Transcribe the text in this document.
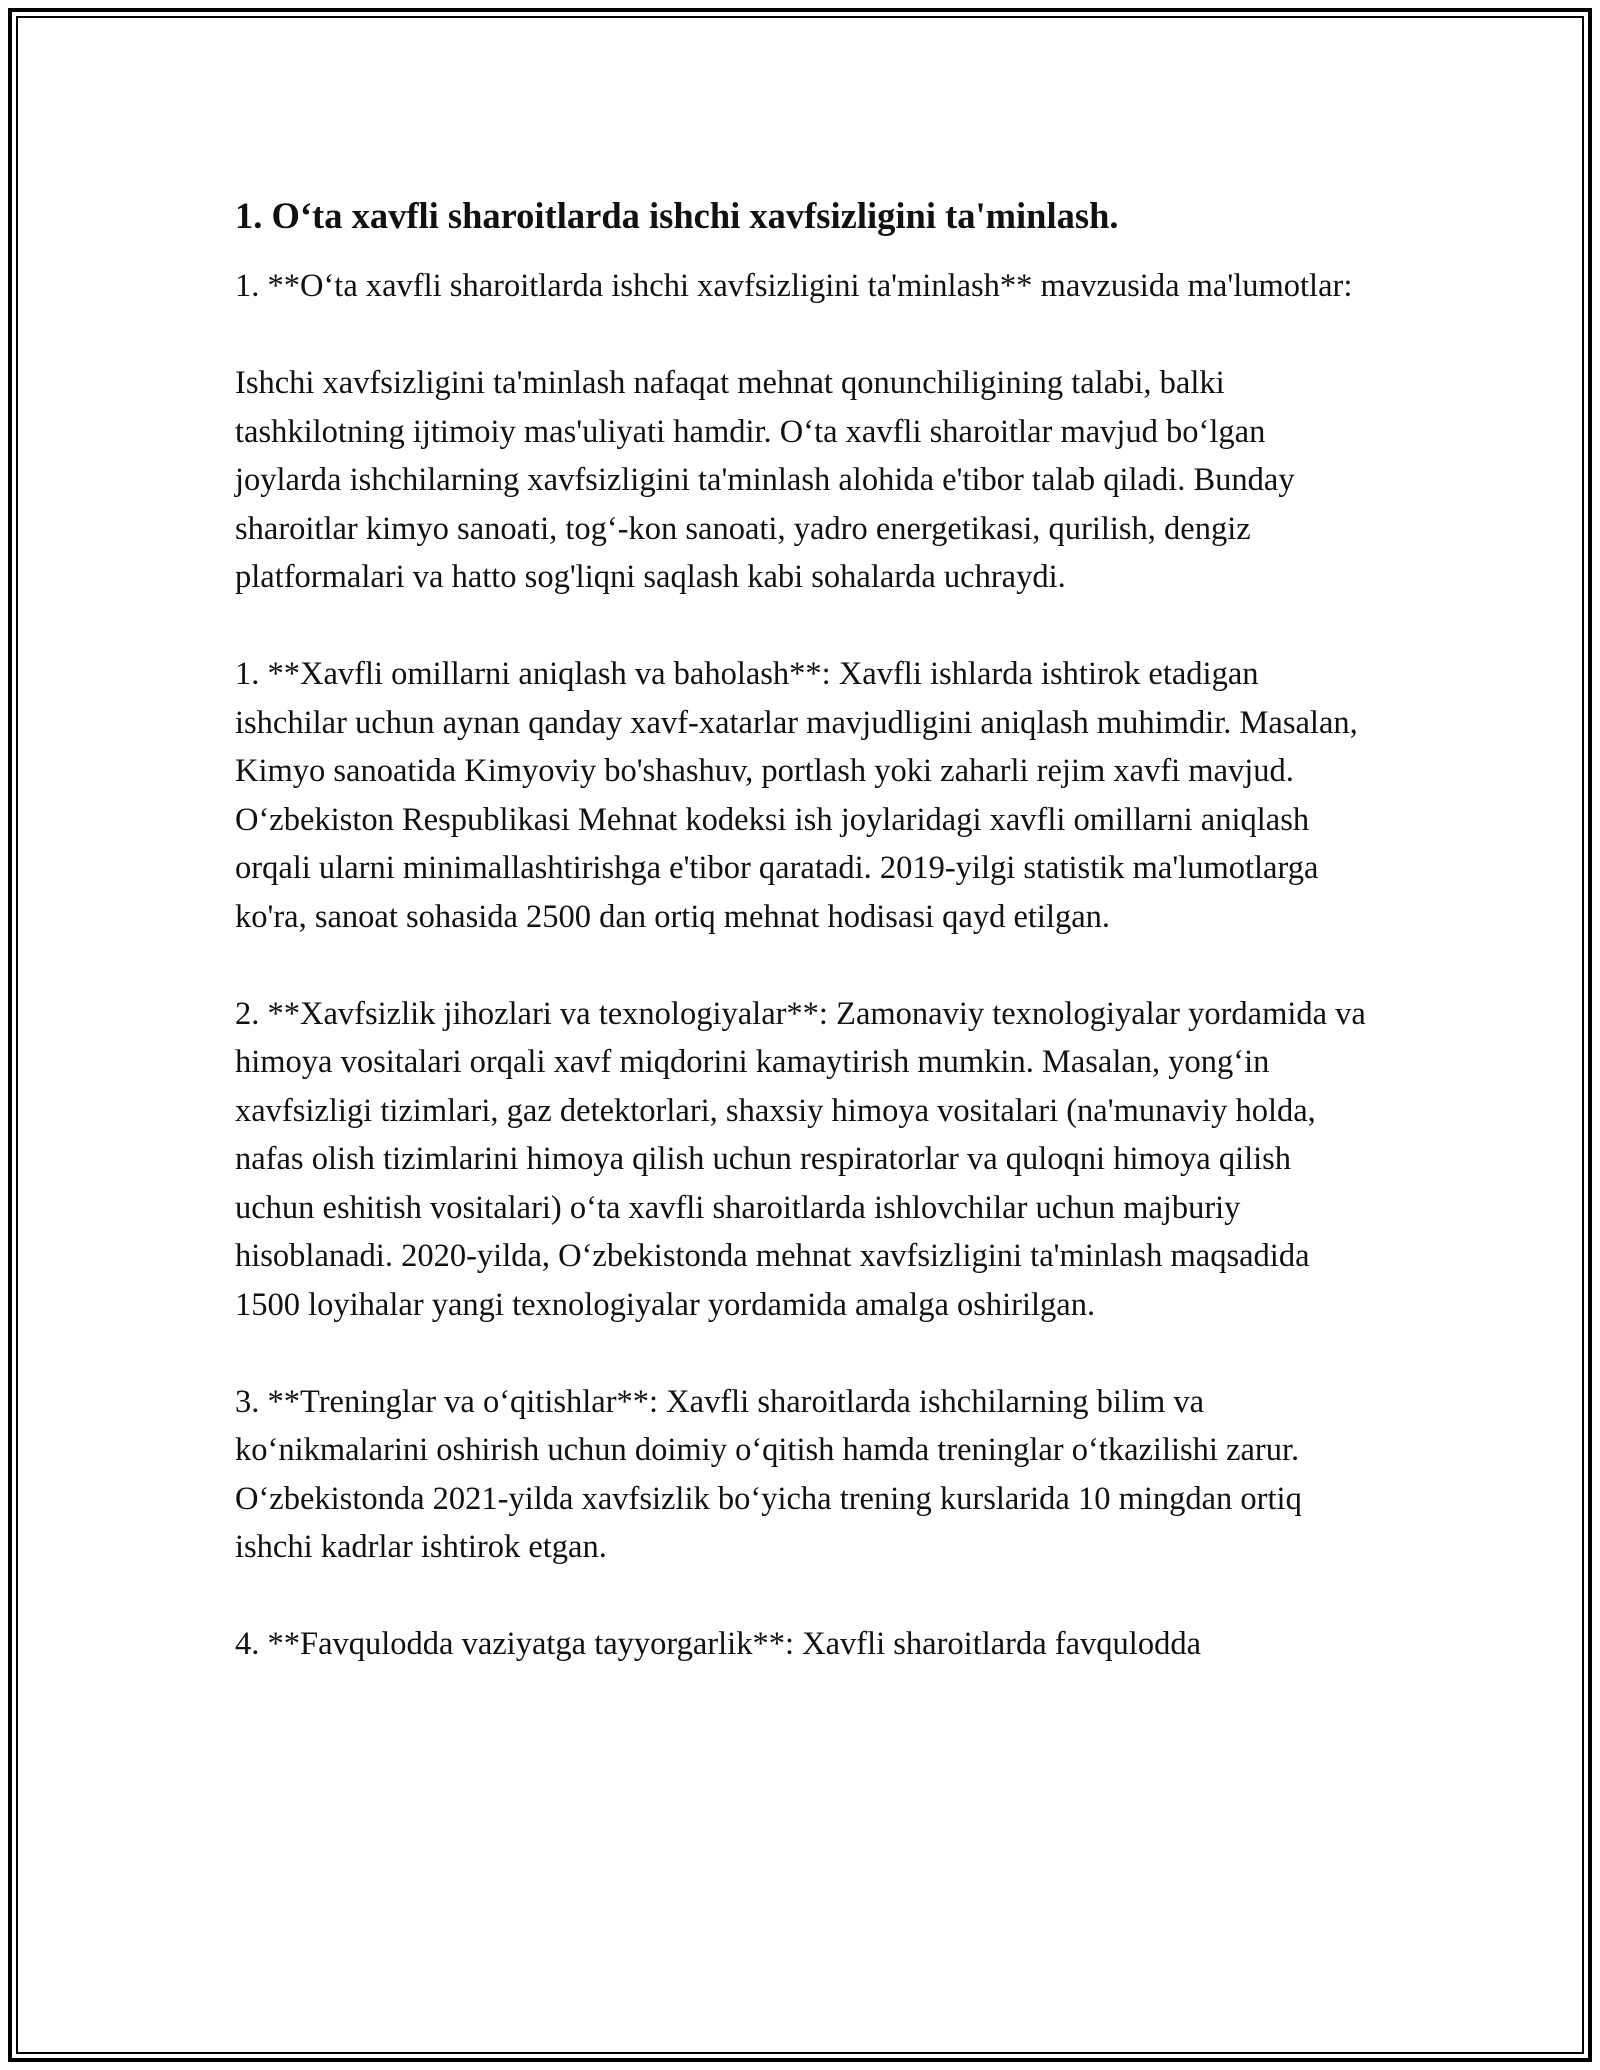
1. O‘ta xavfli sharoitlarda ishchi xavfsizligini ta'minlash.

1. **O‘ta xavfli sharoitlarda ishchi xavfsizligini ta'minlash** mavzusida ma'lumotlar:

Ishchi xavfsizligini ta'minlash nafaqat mehnat qonunchiligining talabi, balki tashkilotning ijtimoiy mas'uliyati hamdir. O‘ta xavfli sharoitlar mavjud bo‘lgan joylarda ishchilarning xavfsizligini ta'minlash alohida e'tibor talab qiladi. Bunday sharoitlar kimyo sanoati, tog‘-kon sanoati, yadro energetikasi, qurilish, dengiz platformalari va hatto sog'liqni saqlash kabi sohalarda uchraydi.

1. **Xavfli omillarni aniqlash va baholash**: Xavfli ishlarda ishtirok etadigan ishchilar uchun aynan qanday xavf-xatarlar mavjudligini aniqlash muhimdir. Masalan, Kimyo sanoatida Kimyoviy bo'shashuv, portlash yoki zaharli rejim xavfi mavjud. O‘zbekiston Respublikasi Mehnat kodeksi ish joylaridagi xavfli omillarni aniqlash orqali ularni minimallashtirishga e'tibor qaratadi. 2019-yilgi statistik ma'lumotlarga ko'ra, sanoat sohasida 2500 dan ortiq mehnat hodisasi qayd etilgan.

2. **Xavfsizlik jihozlari va texnologiyalar**: Zamonaviy texnologiyalar yordamida va himoya vositalari orqali xavf miqdorini kamaytirish mumkin. Masalan, yong‘in xavfsizligi tizimlari, gaz detektorlari, shaxsiy himoya vositalari (na'munaviy holda, nafas olish tizimlarini himoya qilish uchun respiratorlar va quloqni himoya qilish uchun eshitish vositalari) o‘ta xavfli sharoitlarda ishlovchilar uchun majburiy hisoblanadi. 2020-yilda, O‘zbekistonda mehnat xavfsizligini ta'minlash maqsadida 1500 loyihalar yangi texnologiyalar yordamida amalga oshirilgan.

3. **Treninglar va o‘qitishlar**: Xavfli sharoitlarda ishchilarning bilim va ko‘nikmalarini oshirish uchun doimiy o‘qitish hamda treninglar o‘tkazilishi zarur. O‘zbekistonda 2021-yilda xavfsizlik bo‘yicha trening kurslarida 10 mingdan ortiq ishchi kadrlar ishtirok etgan.

4. **Favqulodda vaziyatga tayyorgarlik**: Xavfli sharoitlarda favqulodda
